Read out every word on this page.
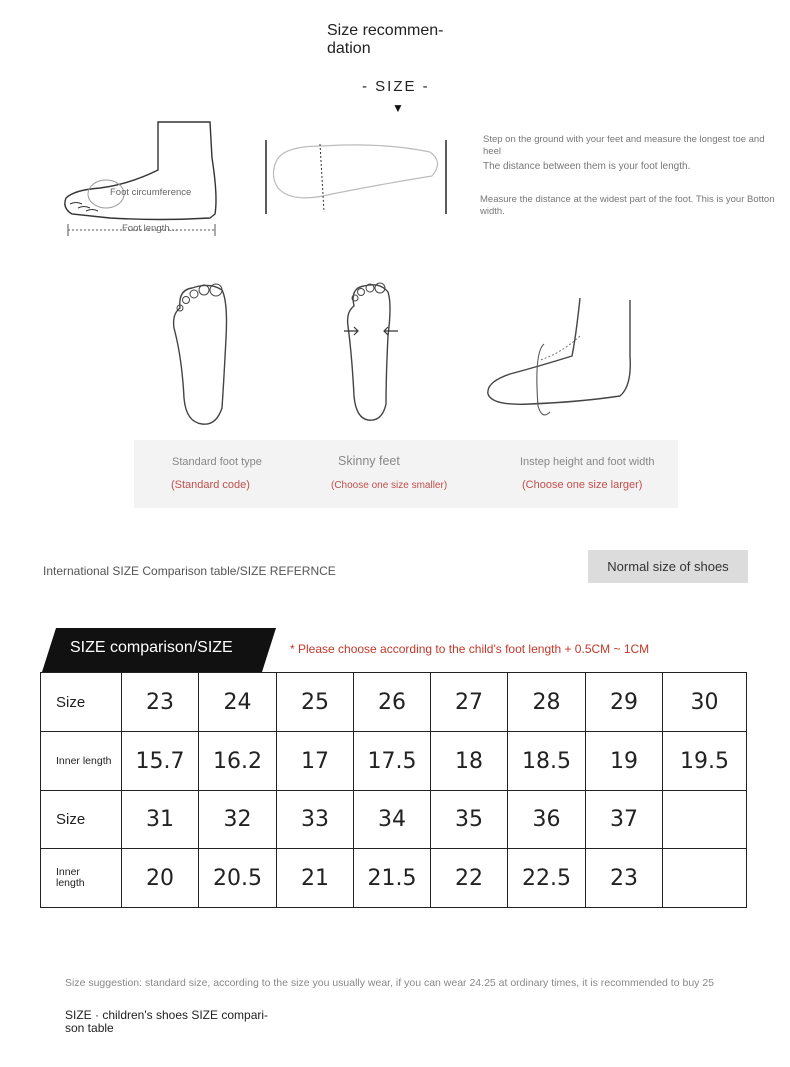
Size recommen-
dation
- SIZE -
▼
Foot circumference
Foot length...
Step on the ground with your feet and measure the longest toe and heel
The distance between them is your foot length.
Measure the distance at the widest part of the foot. This is your Botton width.
Standard foot type
(Standard code)
Skinny feet
(Choose one size smaller)
Instep height and foot width
(Choose one size larger)
International SIZE Comparison table/SIZE REFERNCE	Normal size of shoes
SIZE comparison/SIZE	* Please choose according to the child's foot length + 0.5CM ~ 1CM
Size	23	24	25	26	27	28	29	30
Inner length	15.7	16.2	17	17.5	18	18.5	19	19.5
Size	31	32	33	34	35	36	37	
Inner
length	20	20.5	21	21.5	22	22.5	23	
Size suggestion: standard size, according to the size you usually wear, if you can wear 24.25 at ordinary times, it is recommended to buy 25
SIZE · children's shoes SIZE compari-
son table
